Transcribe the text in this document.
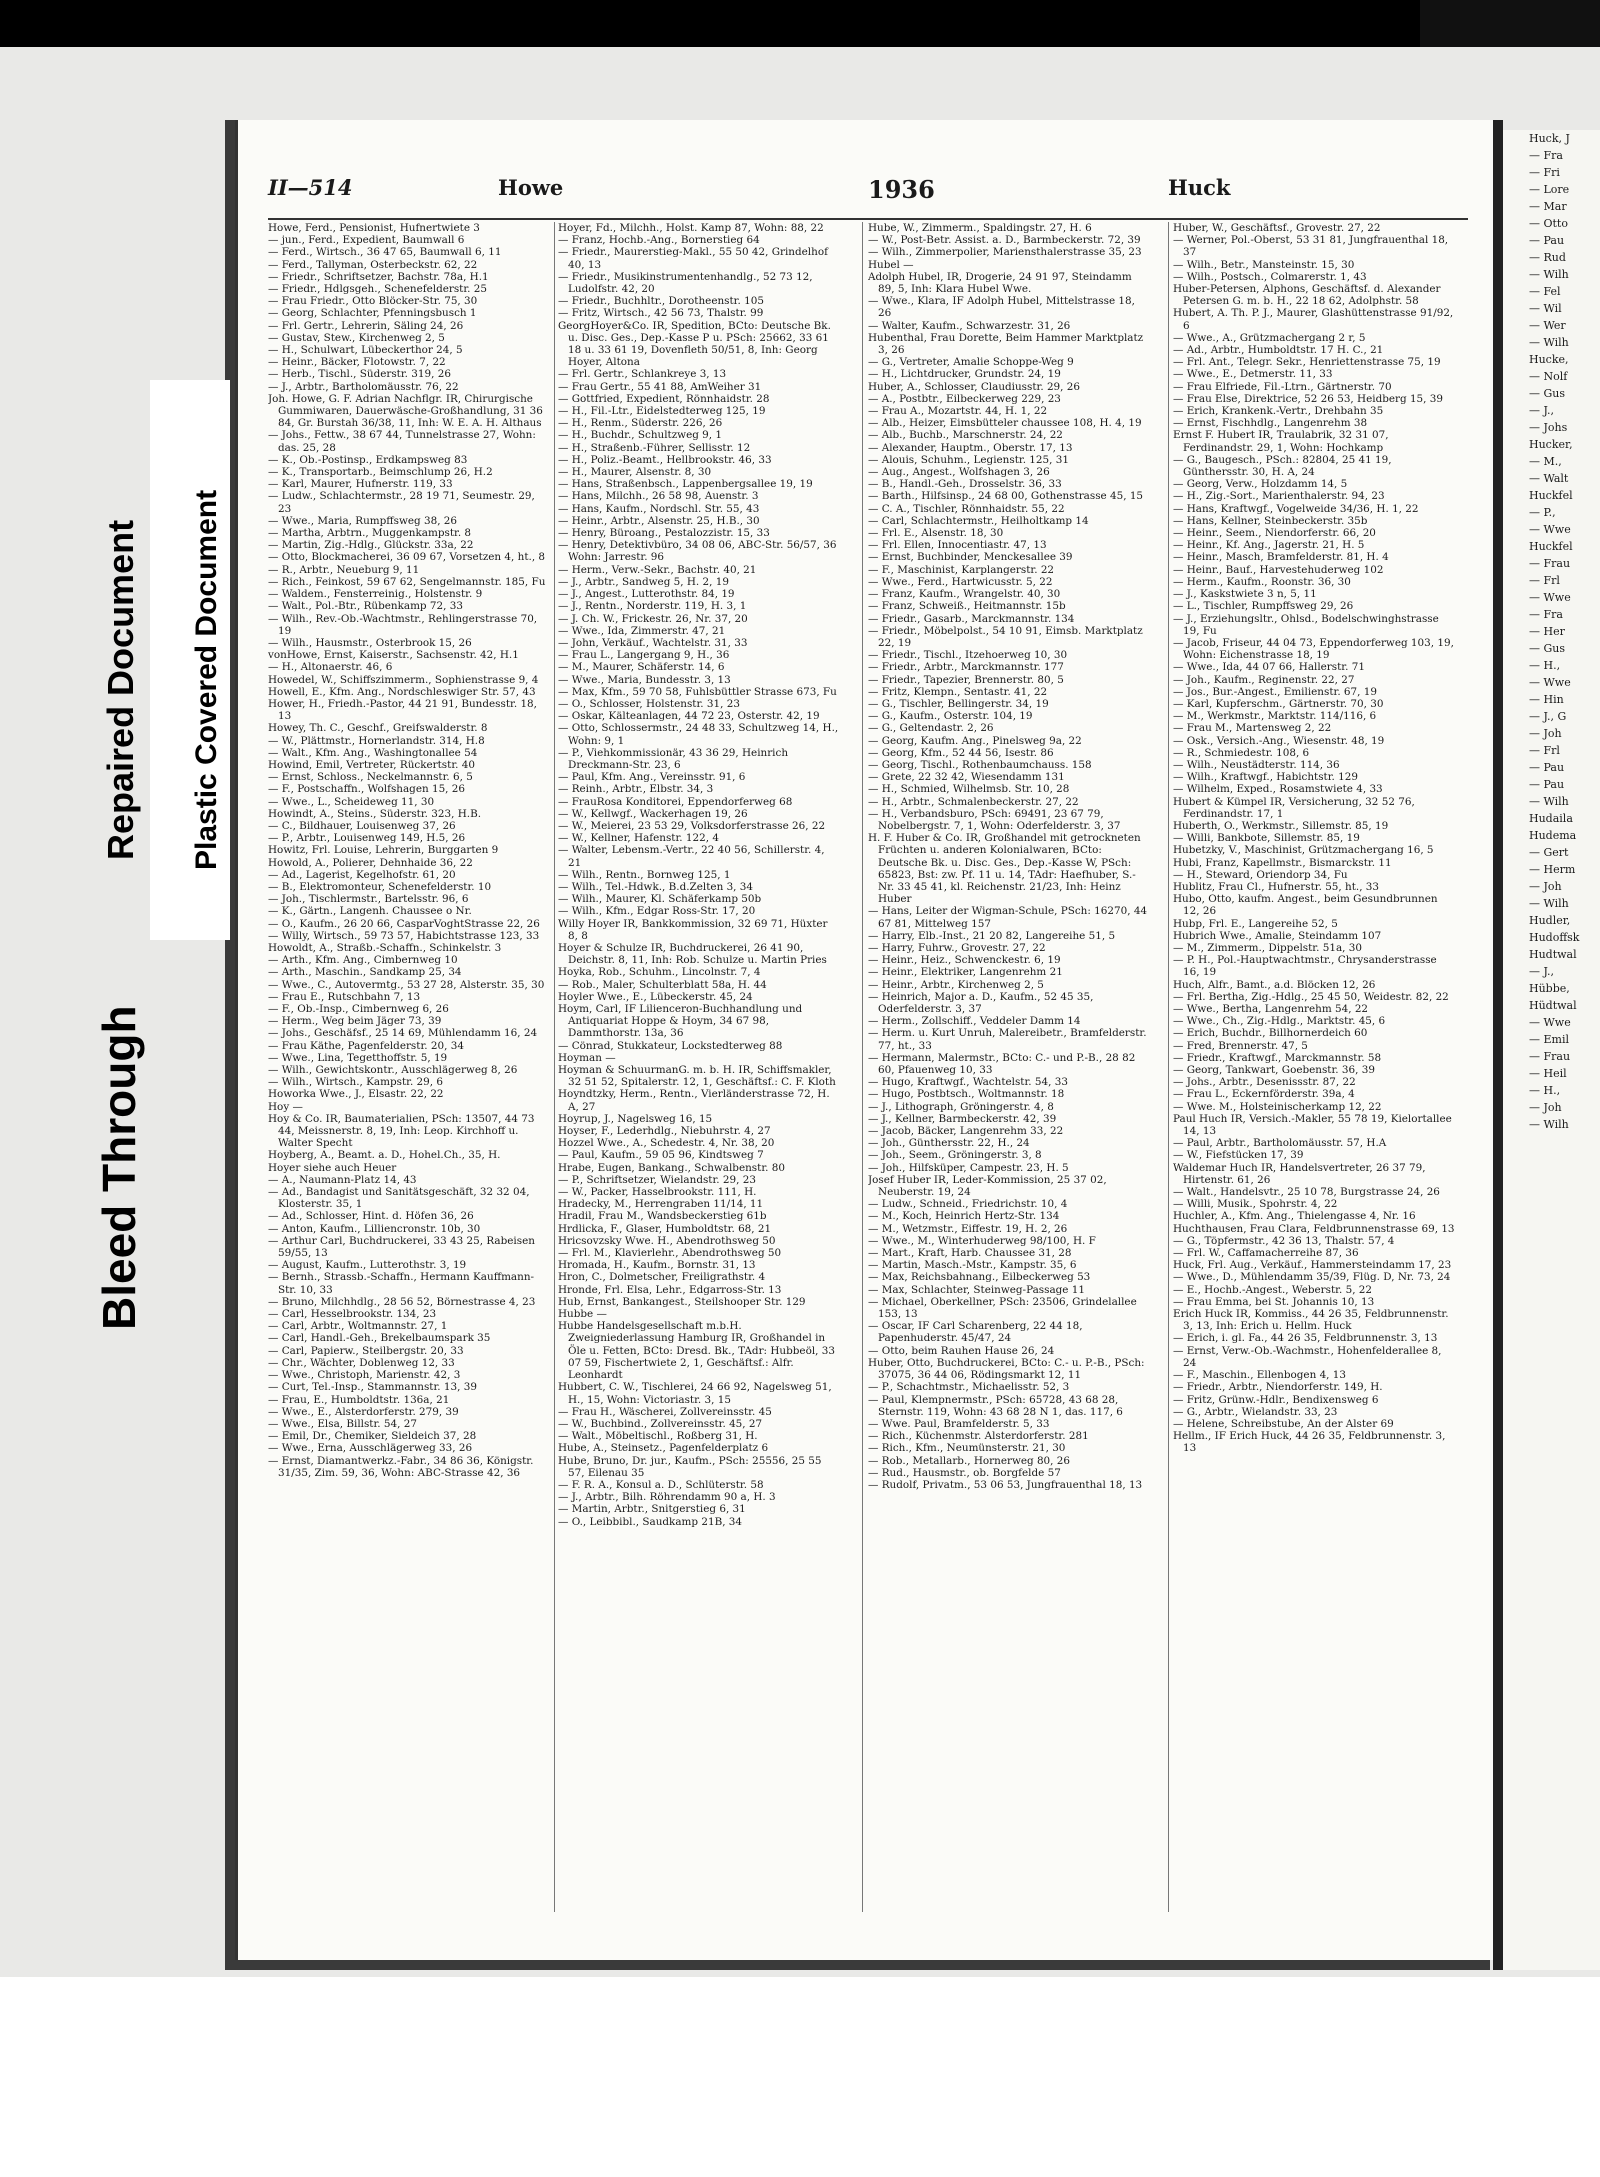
II—514	Howe	1936	Huck

Howe, Ferd., Pensionist, Hufnertwiete 3

— jun., Ferd., Expedient, Baumwall 6

— Ferd., Wirtsch., 36 47 65, Baumwall 6, 11

— Ferd., Tallyman, Osterbeckstr. 62, 22

— Friedr., Schriftsetzer, Bachstr. 78a, H.1

— Friedr., Hdlgsgeh., Schenefelderstr. 25

— Frau Friedr., Otto Blöcker-Str. 75, 30

— Georg, Schlachter, Pfenningsbusch 1

— Frl. Gertr., Lehrerin, Säling 24, 26

— Gustav, Stew., Kirchenweg 2, 5

— H., Schulwart, Lübeckerthor 24, 5

— Heinr., Bäcker, Flotowstr. 7, 22

— Herb., Tischl., Süderstr. 319, 26

— J., Arbtr., Bartholomäusstr. 76, 22

Joh. Howe, G. F. Adrian Nachflgr. IR, Chirurgische Gummiwaren, Dauerwäsche-Großhandlung, 31 36 84, Gr. Burstah 36/38, 11, Inh: W. E. A. H. Althaus

— Johs., Fettw., 38 67 44, Tunnelstrasse 27, Wohn: das. 25, 28

— K., Ob.-Postinsp., Erdkampsweg 83

— K., Transportarb., Beimschlump 26, H.2

— Karl, Maurer, Hufnerstr. 119, 33

— Ludw., Schlachtermstr., 28 19 71, Seumestr. 29, 23

— Wwe., Maria, Rumpffsweg 38, 26

— Martha, Arbtrn., Muggenkampstr. 8

— Martin, Zig.-Hdlg., Glückstr. 33a, 22

— Otto, Blockmacherei, 36 09 67, Vorsetzen 4, ht., 8

— R., Arbtr., Neueburg 9, 11

— Rich., Feinkost, 59 67 62, Sengelmannstr. 185, Fu

— Waldem., Fensterreinig., Holstenstr. 9

— Walt., Pol.-Btr., Rübenkamp 72, 33

— Wilh., Rev.-Ob.-Wachtmstr., Rehlingerstrasse 70, 19

— Wilh., Hausmstr., Osterbrook 15, 26

vonHowe, Ernst, Kaiserstr., Sachsenstr. 42, H.1

— H., Altonaerstr. 46, 6

Howedel, W., Schiffszimmerm., Sophienstrasse 9, 4

Howell, E., Kfm. Ang., Nordschleswiger Str. 57, 43

Hower, H., Friedh.-Pastor, 44 21 91, Bundesstr. 18, 13

Howey, Th. C., Geschf., Greifswalderstr. 8

— W., Plättmstr., Hornerlandstr. 314, H.8

— Walt., Kfm. Ang., Washingtonallee 54

Howind, Emil, Vertreter, Rückertstr. 40

— Ernst, Schloss., Neckelmannstr. 6, 5

— F., Postschaffn., Wolfshagen 15, 26

— Wwe., L., Scheideweg 11, 30

Howindt, A., Steins., Süderstr. 323, H.B.

— C., Bildhauer, Louisenweg 37, 26

— P., Arbtr., Louisenweg 149, H.5, 26

Howitz, Frl. Louise, Lehrerin, Burggarten 9

Howold, A., Polierer, Dehnhaide 36, 22

— Ad., Lagerist, Kegelhofstr. 61, 20

— B., Elektromonteur, Schenefelderstr. 10

— Joh., Tischlermstr., Bartelsstr. 96, 6

— K., Gärtn., Langenh. Chaussee o Nr.

— O., Kaufm., 26 20 66, CasparVoghtStrasse 22, 26

— Willy, Wirtsch., 59 73 57, Habichtstrasse 123, 33

Howoldt, A., Straßb.-Schaffn., Schinkelstr. 3

— Arth., Kfm. Ang., Cimbernweg 10

— Arth., Maschin., Sandkamp 25, 34

— Wwe., C., Autovermtg., 53 27 28, Alsterstr. 35, 30

— Frau E., Rutschbahn 7, 13

— F., Ob.-Insp., Cimbernweg 6, 26

— Herm., Weg beim Jäger 73, 39

— Johs., Geschäfsf., 25 14 69, Mühlendamm 16, 24

— Frau Käthe, Pagenfelderstr. 20, 34

— Wwe., Lina, Tegetthoffstr. 5, 19

— Wilh., Gewichtskontr., Ausschlägerweg 8, 26

— Wilh., Wirtsch., Kampstr. 29, 6

Howorka Wwe., J., Elsastr. 22, 22

Hoy —

Hoy & Co. IR, Baumaterialien, PSch: 13507, 44 73 44, Meissnerstr. 8, 19, Inh: Leop. Kirchhoff u. Walter Specht

Hoyberg, A., Beamt. a. D., Hohel.Ch., 35, H.

Hoyer siehe auch Heuer

— A., Naumann-Platz 14, 43

— Ad., Bandagist und Sanitätsgeschäft, 32 32 04, Klosterstr. 35, 1

— Ad., Schlosser, Hint. d. Höfen 36, 26

— Anton, Kaufm., Lilliencronstr. 10b, 30

— Arthur Carl, Buchdruckerei, 33 43 25, Rabeisen 59/55, 13

— August, Kaufm., Lutterothstr. 3, 19

— Bernh., Strassb.-Schaffn., Hermann Kauffmann-Str. 10, 33

— Bruno, Milchhdlg., 28 56 52, Börnestrasse 4, 23

— Carl, Hesselbrookstr. 134, 23

— Carl, Arbtr., Woltmannstr. 27, 1

— Carl, Handl.-Geh., Brekelbaumspark 35

— Carl, Papierw., Steilbergstr. 20, 33

— Chr., Wächter, Doblenweg 12, 33

— Wwe., Christoph, Marienstr. 42, 3

— Curt, Tel.-Insp., Stammannstr. 13, 39

— Frau, E., Humboldtstr. 136a, 21

— Wwe., E., Alsterdorferstr. 279, 39

— Wwe., Elsa, Billstr. 54, 27

— Emil, Dr., Chemiker, Sieldeich 37, 28

— Wwe., Erna, Ausschlägerweg 33, 26

— Ernst, Diamantwerkz.-Fabr., 34 86 36, Königstr. 31/35, Zim. 59, 36, Wohn: ABC-Strasse 42, 36

Hoyer, Fd., Milchh., Holst. Kamp 87, Wohn: 88, 22

— Franz, Hochb.-Ang., Bornerstieg 64

— Friedr., Maurerstieg-Makl., 55 50 42, Grindelhof 40, 13

— Friedr., Musikinstrumentenhandlg., 52 73 12, Ludolfstr. 42, 20

— Friedr., Buchhltr., Dorotheenstr. 105

— Fritz, Wirtsch., 42 56 73, Thalstr. 99

GeorgHoyer&Co. IR, Spedition, BCto: Deutsche Bk. u. Disc. Ges., Dep.-Kasse P u. PSch: 25662, 33 61 18 u. 33 61 19, Dovenfleth 50/51, 8, Inh: Georg Hoyer, Altona

— Frl. Gertr., Schlankreye 3, 13

— Frau Gertr., 55 41 88, AmWeiher 31

— Gottfried, Expedient, Rönnhaidstr. 28

— H., Fil.-Ltr., Eidelstedterweg 125, 19

— H., Renm., Süderstr. 226, 26

— H., Buchdr., Schultzweg 9, 1

— H., Straßenb.-Führer, Sellisstr. 12

— H., Poliz.-Beamt., Hellbrookstr. 46, 33

— H., Maurer, Alsenstr. 8, 30

— Hans, Straßenbsch., Lappenbergsallee 19, 19

— Hans, Milchh., 26 58 98, Auenstr. 3

— Hans, Kaufm., Nordschl. Str. 55, 43

— Heinr., Arbtr., Alsenstr. 25, H.B., 30

— Henry, Büroang., Pestalozzistr. 15, 33

— Henry, Detektivbüro, 34 08 06, ABC-Str. 56/57, 36 Wohn: Jarrestr. 96

— Herm., Verw.-Sekr., Bachstr. 40, 21

— J., Arbtr., Sandweg 5, H. 2, 19

— J., Angest., Lutterothstr. 84, 19

— J., Rentn., Norderstr. 119, H. 3, 1

— J. Ch. W., Frickestr. 26, Nr. 37, 20

— Wwe., Ida, Zimmerstr. 47, 21

— John, Verkäuf., Wachtelstr. 31, 33

— Frau L., Langergang 9, H., 36

— M., Maurer, Schäferstr. 14, 6

— Wwe., Maria, Bundesstr. 3, 13

— Max, Kfm., 59 70 58, Fuhlsbüttler Strasse 673, Fu

— O., Schlosser, Holstenstr. 31, 23

— Oskar, Kälteanlagen, 44 72 23, Osterstr. 42, 19

— Otto, Schlossermstr., 24 48 33, Schultzweg 14, H., Wohn: 9, 1

— P., Viehkommissionär, 43 36 29, Heinrich Dreckmann-Str. 23, 6

— Paul, Kfm. Ang., Vereinsstr. 91, 6

— Reinh., Arbtr., Elbstr. 34, 3

— FrauRosa Konditorei, Eppendorferweg 68

— W., Kellwgf., Wackerhagen 19, 26

— W., Meierei, 23 53 29, Volksdorferstrasse 26, 22

— W., Kellner, Hafenstr. 122, 4

— Walter, Lebensm.-Vertr., 22 40 56, Schillerstr. 4, 21

— Wilh., Rentn., Bornweg 125, 1

— Wilh., Tel.-Hdwk., B.d.Zelten 3, 34

— Wilh., Maurer, Kl. Schäferkamp 50b

— Wilh., Kfm., Edgar Ross-Str. 17, 20

Willy Hoyer IR, Bankkommission, 32 69 71, Hüxter 8, 8

Hoyer & Schulze IR, Buchdruckerei, 26 41 90, Deichstr. 8, 11, Inh: Rob. Schulze u. Martin Pries

Hoyka, Rob., Schuhm., Lincolnstr. 7, 4

— Rob., Maler, Schulterblatt 58a, H. 44

Hoyler Wwe., E., Lübeckerstr. 45, 24

Hoym, Carl, IF Lilienceron-Buchhandlung und Antiquariat Hoppe & Hoym, 34 67 98, Dammthorstr. 13a, 36

— Cönrad, Stukkateur, Lockstedterweg 88

Hoyman —

Hoyman & SchuurmanG. m. b. H. IR, Schiffsmakler, 32 51 52, Spitalerstr. 12, 1, Geschäftsf.: C. F. Kloth

Hoyndtzky, Herm., Rentn., Vierländerstrasse 72, H. A, 27

Hoyrup, J., Nagelsweg 16, 15

Hoyser, F., Lederhdlg., Niebuhrstr. 4, 27

Hozzel Wwe., A., Schedestr. 4, Nr. 38, 20

— Paul, Kaufm., 59 05 96, Kindtsweg 7

Hrabe, Eugen, Bankang., Schwalbenstr. 80

— P., Schriftsetzer, Wielandstr. 29, 23

— W., Packer, Hasselbrookstr. 111, H.

Hradecky, M., Herrengraben 11/14, 11

Hradil, Frau M., Wandsbeckerstieg 61b

Hrdlicka, F., Glaser, Humboldtstr. 68, 21

Hricsovzsky Wwe. H., Abendrothsweg 50

— Frl. M., Klavierlehr., Abendrothsweg 50

Hromada, H., Kaufm., Bornstr. 31, 13

Hron, C., Dolmetscher, Freiligrathstr. 4

Hronde, Frl. Elsa, Lehr., Edgarross-Str. 13

Hub, Ernst, Bankangest., Steilshooper Str. 129

Hubbe —

Hubbe Handelsgesellschaft m.b.H. Zweigniederlassung Hamburg IR, Großhandel in Öle u. Fetten, BCto: Dresd. Bk., TAdr: Hubbeöl, 33 07 59, Fischertwiete 2, 1, Geschäftsf.: Alfr. Leonhardt

Hubbert, C. W., Tischlerei, 24 66 92, Nagelsweg 51, H., 15, Wohn: Victoriastr. 3, 15

— Frau H., Wäscherei, Zollvereinsstr. 45

— W., Buchbind., Zollvereinsstr. 45, 27

— Walt., Möbeltischl., Roßberg 31, H.

Hube, A., Steinsetz., Pagenfelderplatz 6

Hube, Bruno, Dr. jur., Kaufm., PSch: 25556, 25 55 57, Eilenau 35

— F. R. A., Konsul a. D., Schlüterstr. 58

— J., Arbtr., Bilh. Röhrendamm 90 a, H. 3

— Martin, Arbtr., Snitgerstieg 6, 31

— O., Leibbibl., Saudkamp 21B, 34

Hube, W., Zimmerm., Spaldingstr. 27, H. 6

— W., Post-Betr. Assist. a. D., Barmbeckerstr. 72, 39

— Wilh., Zimmerpolier, Mariensthalerstrasse 35, 23

Hubel —

Adolph Hubel, IR, Drogerie, 24 91 97, Steindamm 89, 5, Inh: Klara Hubel Wwe.

— Wwe., Klara, IF Adolph Hubel, Mittelstrasse 18, 26

— Walter, Kaufm., Schwarzestr. 31, 26

Hubenthal, Frau Dorette, Beim Hammer Marktplatz 3, 26

— G., Vertreter, Amalie Schoppe-Weg 9

— H., Lichtdrucker, Grundstr. 24, 19

Huber, A., Schlosser, Claudiusstr. 29, 26

— A., Postbtr., Eilbeckerweg 229, 23

— Frau A., Mozartstr. 44, H. 1, 22

— Alb., Heizer, Eimsbütteler chaussee 108, H. 4, 19

— Alb., Buchb., Marschnerstr. 24, 22

— Alexander, Hauptm., Oberstr. 17, 13

— Alouis, Schuhm., Legienstr. 125, 31

— Aug., Angest., Wolfshagen 3, 26

— B., Handl.-Geh., Drosselstr. 36, 33

— Barth., Hilfsinsp., 24 68 00, Gothenstrasse 45, 15

— C. A., Tischler, Rönnhaidstr. 55, 22

— Carl, Schlachtermstr., Heilholtkamp 14

— Frl. E., Alsenstr. 18, 30

— Frl. Ellen, Innocentiastr. 47, 13

— Ernst, Buchbinder, Menckesallee 39

— F., Maschinist, Karplangerstr. 22

— Wwe., Ferd., Hartwicusstr. 5, 22

— Franz, Kaufm., Wrangelstr. 40, 30

— Franz, Schweiß., Heitmannstr. 15b

— Friedr., Gasarb., Marckmannstr. 134

— Friedr., Möbelpolst., 54 10 91, Eimsb. Marktplatz 22, 19

— Friedr., Tischl., Itzehoerweg 10, 30

— Friedr., Arbtr., Marckmannstr. 177

— Friedr., Tapezier, Brennerstr. 80, 5

— Fritz, Klempn., Sentastr. 41, 22

— G., Tischler, Bellingerstr. 34, 19

— G., Kaufm., Osterstr. 104, 19

— G., Geltendastr. 2, 26

— Georg, Kaufm. Ang., Pinelsweg 9a, 22

— Georg, Kfm., 52 44 56, Isestr. 86

— Georg, Tischl., Rothenbaumchauss. 158

— Grete, 22 32 42, Wiesendamm 131

— H., Schmied, Wilhelmsb. Str. 10, 28

— H., Arbtr., Schmalenbeckerstr. 27, 22

— H., Verbandsburo, PSch: 69491, 23 67 79, Nobelbergstr. 7, 1, Wohn: Oderfelderstr. 3, 37

H. F. Huber & Co. IR, Großhandel mit getrockneten Früchten u. anderen Kolonialwaren, BCto: Deutsche Bk. u. Disc. Ges., Dep.-Kasse W, PSch: 65823, Bst: zw. Pf. 11 u. 14, TAdr: Haefhuber, S.-Nr. 33 45 41, kl. Reichenstr. 21/23, Inh: Heinz Huber

— Hans, Leiter der Wigman-Schule, PSch: 16270, 44 67 81, Mittelweg 157

— Harry, Elb.-Inst., 21 20 82, Langereihe 51, 5

— Harry, Fuhrw., Grovestr. 27, 22

— Heinr., Heiz., Schwenckestr. 6, 19

— Heinr., Elektriker, Langenrehm 21

— Heinr., Arbtr., Kirchenweg 2, 5

— Heinrich, Major a. D., Kaufm., 52 45 35, Oderfelderstr. 3, 37

— Herm., Zollschiff., Veddeler Damm 14

— Herm. u. Kurt Unruh, Malereibetr., Bramfelderstr. 77, ht., 33

— Hermann, Malermstr., BCto: C.- und P.-B., 28 82 60, Pfauenweg 10, 33

— Hugo, Kraftwgf., Wachtelstr. 54, 33

— Hugo, Postbtsch., Woltmannstr. 18

— J., Lithograph, Gröningerstr. 4, 8

— J., Kellner, Barmbeckerstr. 42, 39

— Jacob, Bäcker, Langenrehm 33, 22

— Joh., Günthersstr. 22, H., 24

— Joh., Seem., Gröningerstr. 3, 8

— Joh., Hilfsküper, Campestr. 23, H. 5

Josef Huber IR, Leder-Kommission, 25 37 02, Neuberstr. 19, 24

— Ludw., Schneid., Friedrichstr. 10, 4

— M., Koch, Heinrich Hertz-Str. 134

— M., Wetzmstr., Eiffestr. 19, H. 2, 26

— Wwe., M., Winterhuderweg 98/100, H. F

— Mart., Kraft, Harb. Chaussee 31, 28

— Martin, Masch.-Mstr., Kampstr. 35, 6

— Max, Reichsbahnang., Eilbeckerweg 53

— Max, Schlachter, Steinweg-Passage 11

— Michael, Oberkellner, PSch: 23506, Grindelallee 153, 13

— Oscar, IF Carl Scharenberg, 22 44 18, Papenhuderstr. 45/47, 24

— Otto, beim Rauhen Hause 26, 24

Huber, Otto, Buchdruckerei, BCto: C.- u. P.-B., PSch: 37075, 36 44 06, Rödingsmarkt 12, 11

— P., Schachtmstr., Michaelisstr. 52, 3

— Paul, Klempnermstr., PSch: 65728, 43 68 28, Sternstr. 119, Wohn: 43 68 28 N 1, das. 117, 6

— Wwe. Paul, Bramfelderstr. 5, 33

— Rich., Küchenmstr. Alsterdorferstr. 281

— Rich., Kfm., Neumünsterstr. 21, 30

— Rob., Metallarb., Hornerweg 80, 26

— Rud., Hausmstr., ob. Borgfelde 57

— Rudolf, Privatm., 53 06 53, Jungfrauenthal 18, 13

Huber, W., Geschäftsf., Grovestr. 27, 22

— Werner, Pol.-Oberst, 53 31 81, Jungfrauenthal 18, 37

— Wilh., Betr., Mansteinstr. 15, 30

— Wilh., Postsch., Colmarerstr. 1, 43

Huber-Petersen, Alphons, Geschäftsf. d. Alexander Petersen G. m. b. H., 22 18 62, Adolphstr. 58

Hubert, A. Th. P. J., Maurer, Glashüttenstrasse 91/92, 6

— Wwe., A., Grützmachergang 2 r, 5

— Ad., Arbtr., Humboldtstr. 17 H. C., 21

— Frl. Ant., Telegr. Sekr., Henriettenstrasse 75, 19

— Wwe., E., Detmerstr. 11, 33

— Frau Elfriede, Fil.-Ltrn., Gärtnerstr. 70

— Frau Else, Direktrice, 52 26 53, Heidberg 15, 39

— Erich, Krankenk.-Vertr., Drehbahn 35

— Ernst, Fischhdlg., Langenrehm 38

Ernst F. Hubert IR, Traulabrik, 32 31 07, Ferdinandstr. 29, 1, Wohn: Hochkamp

— G., Baugesch., PSch.: 82804, 25 41 19, Günthersstr. 30, H. A, 24

— Georg, Verw., Holzdamm 14, 5

— H., Zig.-Sort., Marienthalerstr. 94, 23

— Hans, Kraftwgf., Vogelweide 34/36, H. 1, 22

— Hans, Kellner, Steinbeckerstr. 35b

— Heinr., Seem., Niendorferstr. 66, 20

— Heinr., Kf. Ang., Jagerstr. 21, H. 5

— Heinr., Masch, Bramfelderstr. 81, H. 4

— Heinr., Bauf., Harvestehuderweg 102

— Herm., Kaufm., Roonstr. 36, 30

— J., Kaskstwiete 3 n, 5, 11

— L., Tischler, Rumpffsweg 29, 26

— J., Erziehungsltr., Ohlsd., Bodelschwinghstrasse 19, Fu

— Jacob, Friseur, 44 04 73, Eppendorferweg 103, 19, Wohn: Eichenstrasse 18, 19

— Wwe., Ida, 44 07 66, Hallerstr. 71

— Joh., Kaufm., Reginenstr. 22, 27

— Jos., Bur.-Angest., Emilienstr. 67, 19

— Karl, Kupferschm., Gärtnerstr. 70, 30

— M., Werkmstr., Marktstr. 114/116, 6

— Frau M., Martensweg 2, 22

— Osk., Versich.-Ang., Wiesenstr. 48, 19

— R., Schmiedestr. 108, 6

— Wilh., Neustädterstr. 114, 36

— Wilh., Kraftwgf., Habichtstr. 129

— Wilhelm, Exped., Rosamstwiete 4, 33

Hubert & Kümpel IR, Versicherung, 32 52 76, Ferdinandstr. 17, 1

Huberth, O., Werkmstr., Sillemstr. 85, 19

— Willi, Bankbote, Sillemstr. 85, 19

Hubetzky, V., Maschinist, Grützmachergang 16, 5

Hubi, Franz, Kapellmstr., Bismarckstr. 11

— H., Steward, Oriendorp 34, Fu

Hublitz, Frau Cl., Hufnerstr. 55, ht., 33

Hubo, Otto, kaufm. Angest., beim Gesundbrunnen 12, 26

Hubp, Frl. E., Langereihe 52, 5

Hubrich Wwe., Amalie, Steindamm 107

— M., Zimmerm., Dippelstr. 51a, 30

— P. H., Pol.-Hauptwachtmstr., Chrysanderstrasse 16, 19

Huch, Alfr., Bamt., a.d. Blöcken 12, 26

— Frl. Bertha, Zig.-Hdlg., 25 45 50, Weidestr. 82, 22

— Wwe., Bertha, Langenrehm 54, 22

— Wwe., Ch., Zig.-Hdlg., Marktstr. 45, 6

— Erich, Buchdr., Billhornerdeich 60

— Fred, Brennerstr. 47, 5

— Friedr., Kraftwgf., Marckmannstr. 58

— Georg, Tankwart, Goebenstr. 36, 39

— Johs., Arbtr., Desenissstr. 87, 22

— Frau L., Eckernförderstr. 39a, 4

— Wwe. M., Holsteinischerkamp 12, 22

Paul Huch IR, Versich.-Makler, 55 78 19, Kielortallee 14, 13

— Paul, Arbtr., Bartholomäusstr. 57, H.A

— W., Fiefstücken 17, 39

Waldemar Huch IR, Handelsvertreter, 26 37 79, Hirtenstr. 61, 26

— Walt., Handelsvtr., 25 10 78, Burgstrasse 24, 26

— Willi, Musik., Spohrstr. 4, 22

Huchler, A., Kfm. Ang., Thielengasse 4, Nr. 16

Huchthausen, Frau Clara, Feldbrunnenstrasse 69, 13

— G., Töpfermstr., 42 36 13, Thalstr. 57, 4

— Frl. W., Caffamacherreihe 87, 36

Huck, Frl. Aug., Verkäuf., Hammersteindamm 17, 23

— Wwe., D., Mühlendamm 35/39, Flüg. D, Nr. 73, 24

— E., Hochb.-Angest., Weberstr. 5, 22

— Frau Emma, bei St. Johannis 10, 13

Erich Huck IR, Kommiss., 44 26 35, Feldbrunnenstr. 3, 13, Inh: Erich u. Hellm. Huck

— Erich, i. gl. Fa., 44 26 35, Feldbrunnenstr. 3, 13

— Ernst, Verw.-Ob.-Wachmstr., Hohenfelderallee 8, 24

— F., Maschin., Ellenbogen 4, 13

— Friedr., Arbtr., Niendorferstr. 149, H.

— Fritz, Grünw.-Hdlr., Bendixensweg 6

— G., Arbtr., Wielandstr. 33, 23

— Helene, Schreibstube, An der Alster 69

Hellm., IF Erich Huck, 44 26 35, Feldbrunnenstr. 3, 13

Huck, J
— Fra
— Fri
— Lore
— Mar
— Otto
— Pau
— Rud
— Wilh
— Fel
— Wil
— Wer
— Wilh
Hucke,
— Nolf
— Gus
— J.,
— Johs
Hucker,
— M.,
— Walt
Huckfel
— P.,
— Wwe
Huckfel
— Frau
— Frl
— Wwe
— Fra
— Her
— Gus
— H.,
— Wwe
— Hin
— J., G
— Joh
— Frl
— Pau
— Pau
— Wilh
Hudaila
Hudema
— Gert
— Herm
— Joh
— Wilh
Hudler,
Hudoffsk
Hudtwal
— J.,
Hübbe,
Hüdtwal
— Wwe
— Emil
— Frau
— Heil
— H.,
— Joh
— Wilh
Bleed Through
Repaired Document Plastic Covered Document
